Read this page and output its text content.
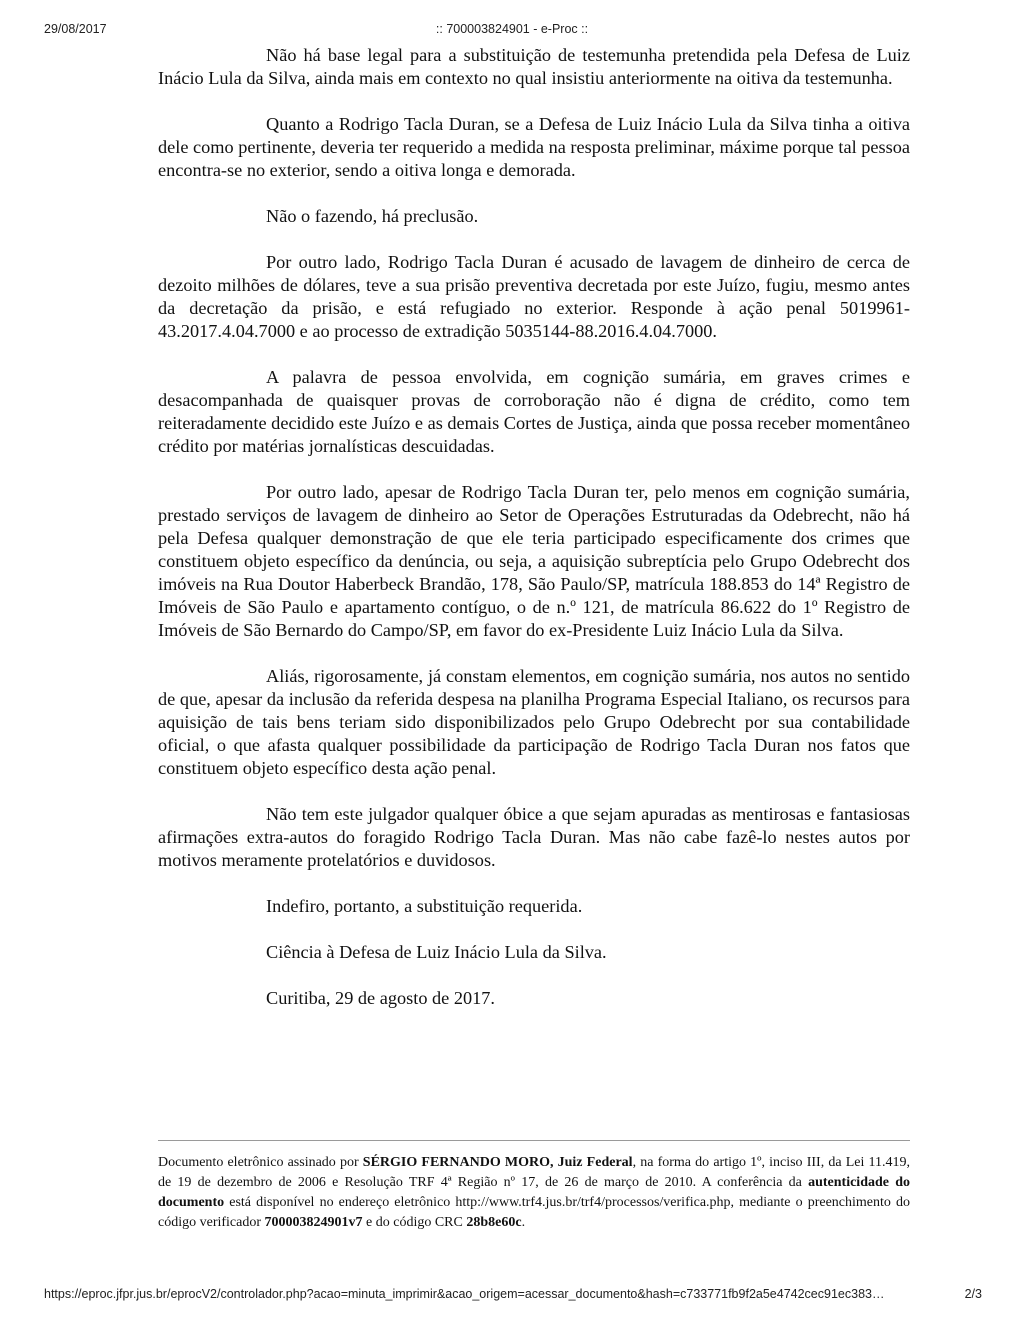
29/08/2017	:: 700003824901 - e-Proc ::

Não há base legal para a substituição de testemunha pretendida pela Defesa de Luiz Inácio Lula da Silva, ainda mais em contexto no qual insistiu anteriormente na oitiva da testemunha.

Quanto a Rodrigo Tacla Duran, se a Defesa de Luiz Inácio Lula da Silva tinha a oitiva dele como pertinente, deveria ter requerido a medida na resposta preliminar, máxime porque tal pessoa encontra-se no exterior, sendo a oitiva longa e demorada.

Não o fazendo, há preclusão.

Por outro lado, Rodrigo Tacla Duran é acusado de lavagem de dinheiro de cerca de dezoito milhões de dólares, teve a sua prisão preventiva decretada por este Juízo, fugiu, mesmo antes da decretação da prisão, e está refugiado no exterior. Responde à ação penal 5019961-43.2017.4.04.7000 e ao processo de extradição 5035144-88.2016.4.04.7000.

A palavra de pessoa envolvida, em cognição sumária, em graves crimes e desacompanhada de quaisquer provas de corroboração não é digna de crédito, como tem reiteradamente decidido este Juízo e as demais Cortes de Justiça, ainda que possa receber momentâneo crédito por matérias jornalísticas descuidadas.

Por outro lado, apesar de Rodrigo Tacla Duran ter, pelo menos em cognição sumária, prestado serviços de lavagem de dinheiro ao Setor de Operações Estruturadas da Odebrecht, não há pela Defesa qualquer demonstração de que ele teria participado especificamente dos crimes que constituem objeto específico da denúncia, ou seja, a aquisição subreptícia pelo Grupo Odebrecht dos imóveis na Rua Doutor Haberbeck Brandão, 178, São Paulo/SP, matrícula 188.853 do 14ª Registro de Imóveis de São Paulo e apartamento contíguo, o de n.º 121, de matrícula 86.622 do 1º Registro de Imóveis de São Bernardo do Campo/SP, em favor do ex-Presidente Luiz Inácio Lula da Silva.

Aliás, rigorosamente, já constam elementos, em cognição sumária, nos autos no sentido de que, apesar da inclusão da referida despesa na planilha Programa Especial Italiano, os recursos para aquisição de tais bens teriam sido disponibilizados pelo Grupo Odebrecht por sua contabilidade oficial, o que afasta qualquer possibilidade da participação de Rodrigo Tacla Duran nos fatos que constituem objeto específico desta ação penal.

Não tem este julgador qualquer óbice a que sejam apuradas as mentirosas e fantasiosas afirmações extra-autos do foragido Rodrigo Tacla Duran. Mas não cabe fazê-lo nestes autos por motivos meramente protelatórios e duvidosos.

Indefiro, portanto, a substituição requerida.

Ciência à Defesa de Luiz Inácio Lula da Silva.

Curitiba, 29 de agosto de 2017.

Documento eletrônico assinado por SÉRGIO FERNANDO MORO, Juiz Federal, na forma do artigo 1º, inciso III, da Lei 11.419, de 19 de dezembro de 2006 e Resolução TRF 4ª Região nº 17, de 26 de março de 2010. A conferência da autenticidade do documento está disponível no endereço eletrônico http://www.trf4.jus.br/trf4/processos/verifica.php, mediante o preenchimento do código verificador 700003824901v7 e do código CRC 28b8e60c.
https://eproc.jfpr.jus.br/eprocV2/controlador.php?acao=minuta_imprimir&acao_origem=acessar_documento&hash=c733771fb9f2a5e4742cec91ec383…	2/3
